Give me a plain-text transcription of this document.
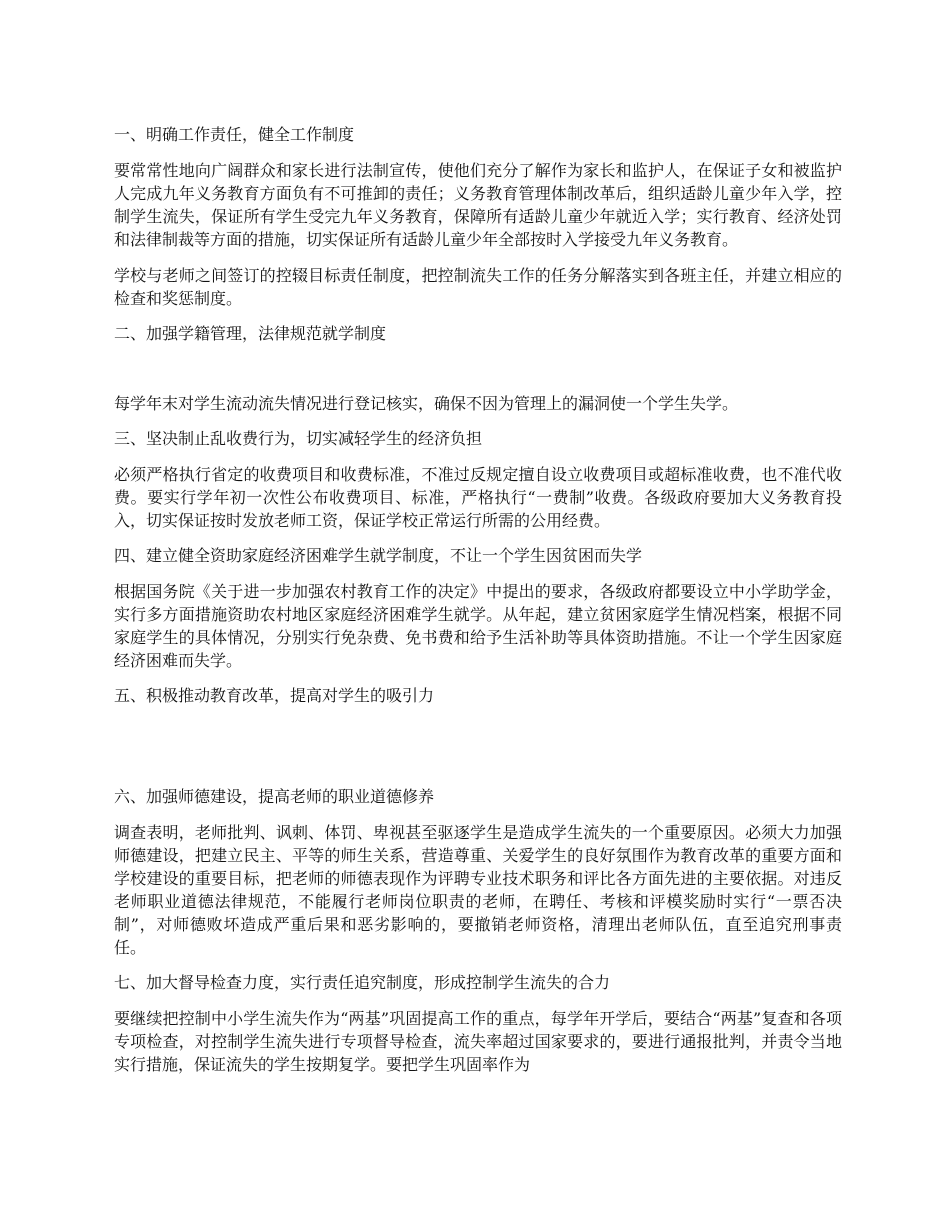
一、明确工作责任，健全工作制度
要常常性地向广阔群众和家长进行法制宣传，使他们充分了解作为家长和监护人，在保证子女和被监护人完成九年义务教育方面负有不可推卸的责任；义务教育管理体制改革后，组织适龄儿童少年入学，控制学生流失，保证所有学生受完九年义务教育，保障所有适龄儿童少年就近入学；实行教育、经济处罚和法律制裁等方面的措施，切实保证所有适龄儿童少年全部按时入学接受九年义务教育。
学校与老师之间签订的控辍目标责任制度，把控制流失工作的任务分解落实到各班主任，并建立相应的检查和奖惩制度。
二、加强学籍管理，法律规范就学制度
每学年末对学生流动流失情况进行登记核实，确保不因为管理上的漏洞使一个学生失学。
三、坚决制止乱收费行为，切实减轻学生的经济负担
必须严格执行省定的收费项目和收费标准，不准过反规定擅自设立收费项目或超标准收费，也不准代收费。要实行学年初一次性公布收费项目、标准，严格执行“一费制”收费。各级政府要加大义务教育投入，切实保证按时发放老师工资，保证学校正常运行所需的公用经费。
四、建立健全资助家庭经济困难学生就学制度，不让一个学生因贫困而失学
根据国务院《关于进一步加强农村教育工作的决定》中提出的要求，各级政府都要设立中小学助学金，实行多方面措施资助农村地区家庭经济困难学生就学。从年起，建立贫困家庭学生情况档案，根据不同家庭学生的具体情况，分别实行免杂费、免书费和给予生活补助等具体资助措施。不让一个学生因家庭经济困难而失学。
五、积极推动教育改革，提高对学生的吸引力
六、加强师德建设，提高老师的职业道德修养
调查表明，老师批判、讽刺、体罚、卑视甚至驱逐学生是造成学生流失的一个重要原因。必须大力加强师德建设，把建立民主、平等的师生关系，营造尊重、关爱学生的良好氛围作为教育改革的重要方面和学校建设的重要目标，把老师的师德表现作为评聘专业技术职务和评比各方面先进的主要依据。对违反老师职业道德法律规范，不能履行老师岗位职责的老师，在聘任、考核和评模奖励时实行“一票否决制”，对师德败坏造成严重后果和恶劣影响的，要撤销老师资格，清理出老师队伍，直至追究刑事责任。
七、加大督导检查力度，实行责任追究制度，形成控制学生流失的合力
要继续把控制中小学生流失作为“两基”巩固提高工作的重点，每学年开学后，要结合“两基”复查和各项专项检查，对控制学生流失进行专项督导检查，流失率超过国家要求的，要进行通报批判，并责令当地实行措施，保证流失的学生按期复学。要把学生巩固率作为
